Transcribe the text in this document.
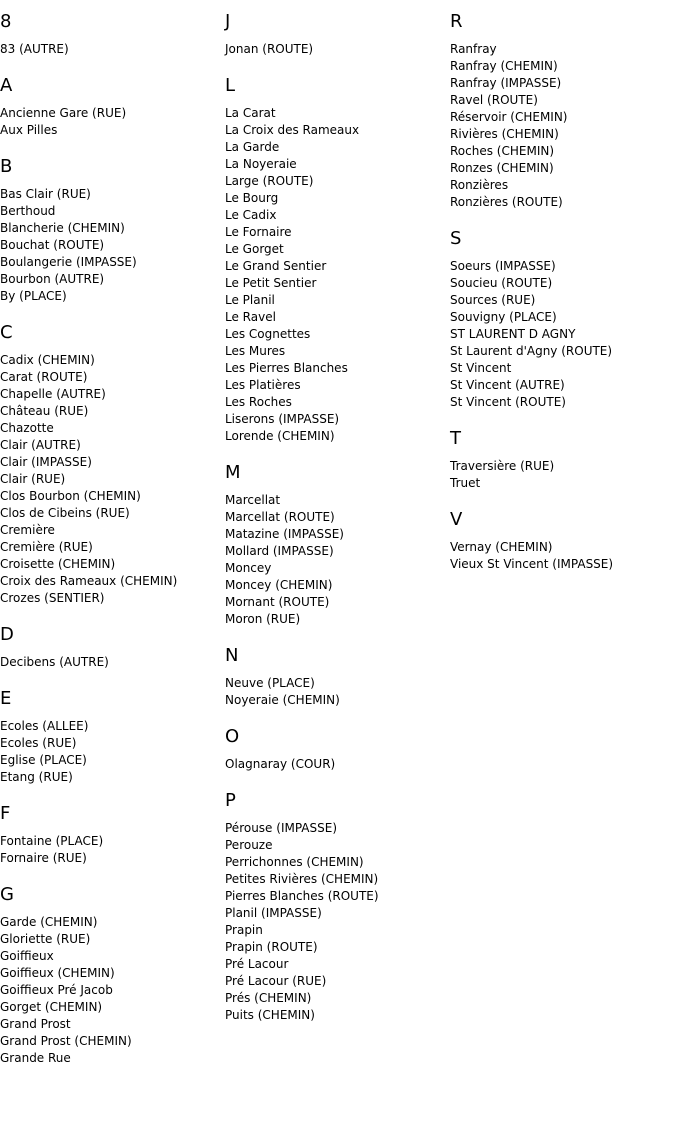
8
83 (AUTRE)
A
Ancienne Gare (RUE)
Aux Pilles
B
Bas Clair (RUE)
Berthoud
Blancherie (CHEMIN)
Bouchat (ROUTE)
Boulangerie (IMPASSE)
Bourbon (AUTRE)
By (PLACE)
C
Cadix (CHEMIN)
Carat (ROUTE)
Chapelle (AUTRE)
Château (RUE)
Chazotte
Clair (AUTRE)
Clair (IMPASSE)
Clair (RUE)
Clos Bourbon (CHEMIN)
Clos de Cibeins (RUE)
Cremière
Cremière (RUE)
Croisette (CHEMIN)
Croix des Rameaux (CHEMIN)
Crozes (SENTIER)
D
Decibens (AUTRE)
E
Ecoles (ALLEE)
Ecoles (RUE)
Eglise (PLACE)
Etang (RUE)
F
Fontaine (PLACE)
Fornaire (RUE)
G
Garde (CHEMIN)
Gloriette (RUE)
Goiffieux
Goiffieux (CHEMIN)
Goiffieux Pré Jacob
Gorget (CHEMIN)
Grand Prost
Grand Prost (CHEMIN)
Grande Rue
J
Jonan (ROUTE)
L
La Carat
La Croix des Rameaux
La Garde
La Noyeraie
Large (ROUTE)
Le Bourg
Le Cadix
Le Fornaire
Le Gorget
Le Grand Sentier
Le Petit Sentier
Le Planil
Le Ravel
Les Cognettes
Les Mures
Les Pierres Blanches
Les Platières
Les Roches
Liserons (IMPASSE)
Lorende (CHEMIN)
M
Marcellat
Marcellat (ROUTE)
Matazine (IMPASSE)
Mollard (IMPASSE)
Moncey
Moncey (CHEMIN)
Mornant (ROUTE)
Moron (RUE)
N
Neuve (PLACE)
Noyeraie (CHEMIN)
O
Olagnaray (COUR)
P
Pérouse (IMPASSE)
Perouze
Perrichonnes (CHEMIN)
Petites Rivières (CHEMIN)
Pierres Blanches (ROUTE)
Planil (IMPASSE)
Prapin
Prapin (ROUTE)
Pré Lacour
Pré Lacour (RUE)
Prés (CHEMIN)
Puits (CHEMIN)
R
Ranfray
Ranfray (CHEMIN)
Ranfray (IMPASSE)
Ravel (ROUTE)
Réservoir (CHEMIN)
Rivières (CHEMIN)
Roches (CHEMIN)
Ronzes (CHEMIN)
Ronzières
Ronzières (ROUTE)
S
Soeurs (IMPASSE)
Soucieu (ROUTE)
Sources (RUE)
Souvigny (PLACE)
ST LAURENT D AGNY
St Laurent d'Agny (ROUTE)
St Vincent
St Vincent (AUTRE)
St Vincent (ROUTE)
T
Traversière (RUE)
Truet
V
Vernay (CHEMIN)
Vieux St Vincent (IMPASSE)
